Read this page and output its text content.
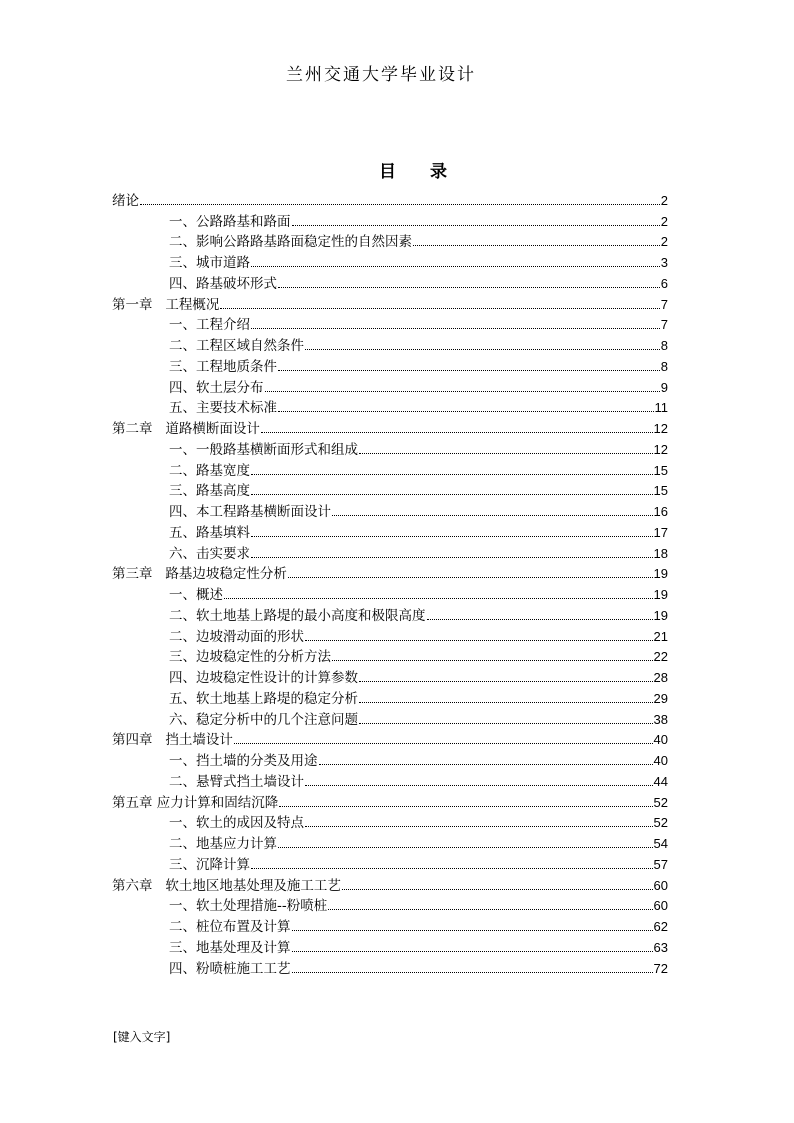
兰州交通大学毕业设计
目 录
绪论	2
一、公路路基和路面	2
二、影响公路路基路面稳定性的自然因素	2
三、城市道路	3
四、路基破坏形式	6
第一章   工程概况	7
一、工程介绍	7
二、工程区域自然条件	8
三、工程地质条件	8
四、软土层分布	9
五、主要技术标准	11
第二章   道路横断面设计	12
一、一般路基横断面形式和组成	12
二、路基宽度	15
三、路基高度	15
四、本工程路基横断面设计	16
五、路基填料	17
六、击实要求	18
第三章   路基边坡稳定性分析	19
一、概述	19
二、软土地基上路堤的最小高度和极限高度	19
二、边坡滑动面的形状	21
三、边坡稳定性的分析方法	22
四、边坡稳定性设计的计算参数	28
五、软土地基上路堤的稳定分析	29
六、稳定分析中的几个注意问题	38
第四章   挡土墙设计	40
一、挡土墙的分类及用途	40
二、悬臂式挡土墙设计	44
第五章 应力计算和固结沉降	52
一、软土的成因及特点	52
二、地基应力计算	54
三、沉降计算	57
第六章   软土地区地基处理及施工工艺	60
一、软土处理措施--粉喷桩	60
二、桩位布置及计算	62
三、地基处理及计算	63
四、粉喷桩施工工艺	72
[键入文字]
